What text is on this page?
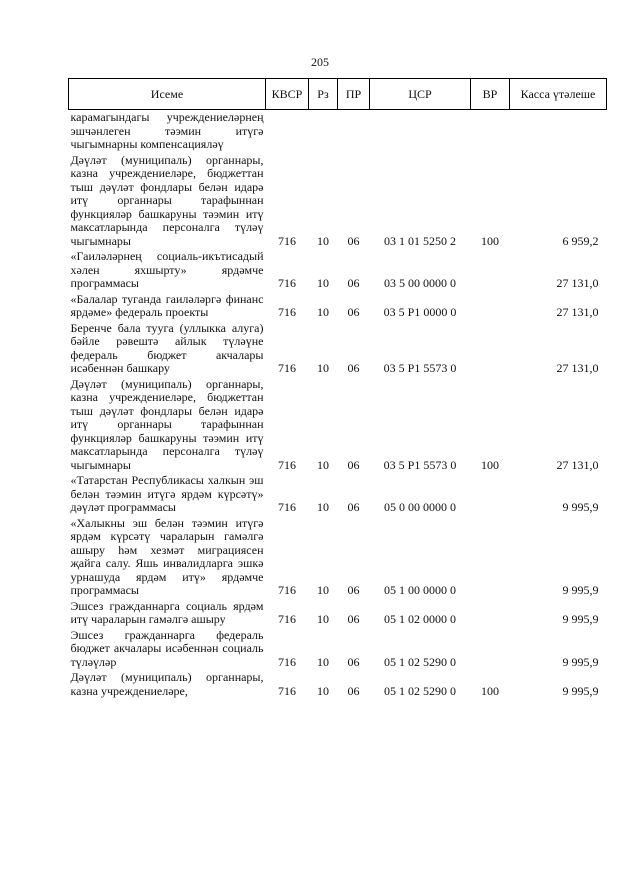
205
Исеме	КВСР	Рз	ПР	ЦСР	ВР	Касса үтәлеше
карамагындагы учреждениеләрнең эшчәнлеген тәэмин итүгә чыгымнарны компенсацияләү						
Дәүләт (муниципаль) органнары, казна учреждениеләре, бюджеттан тыш дәүләт фондлары белән идарә итү органнары тарафыннан функцияләр башкаруны тәэмин итү максатларында персоналга түләү чыгымнары	716	10	06	03 1 01 5250 2	100	6 959,2
«Гаиләләрнең социаль-икътисадый хәлен яхшырту» ярдәмче программасы	716	10	06	03 5 00 0000 0		27 131,0
«Балалар туганда гаиләләргә финанс ярдәме» федераль проекты	716	10	06	03 5 P1 0000 0		27 131,0
Беренче бала туугa (уллыкка алуга) бәйле рәвештә айлык түләүне федераль бюджет акчалары исәбеннән башкару	716	10	06	03 5 P1 5573 0		27 131,0
Дәүләт (муниципаль) органнары, казна учреждениеләре, бюджеттан тыш дәүләт фондлары белән идарә итү органнары тарафыннан функцияләр башкаруны тәэмин итү максатларында персоналга түләү чыгымнары	716	10	06	03 5 P1 5573 0	100	27 131,0
«Татарстан Республикасы халкын эш белән тәэмин итүгә ярдәм күрсәтү» дәүләт программасы	716	10	06	05 0 00 0000 0		9 995,9
«Халыкны эш белән тәэмин итүгә ярдәм күрсәтү чараларын гамәлгә ашыру һәм хезмәт миграциясен җайга салу. Яшь инвалидларга эшкә урнашуда ярдәм итү» ярдәмче программасы	716	10	06	05 1 00 0000 0		9 995,9
Эшсез гражданнарга социаль ярдәм итү чараларын гамәлгә ашыру	716	10	06	05 1 02 0000 0		9 995,9
Эшсез гражданнарга федераль бюджет акчалары исәбеннән социаль түләүләр	716	10	06	05 1 02 5290 0		9 995,9
Дәүләт (муниципаль) органнары, казна учреждениеләре,	716	10	06	05 1 02 5290 0	100	9 995,9
